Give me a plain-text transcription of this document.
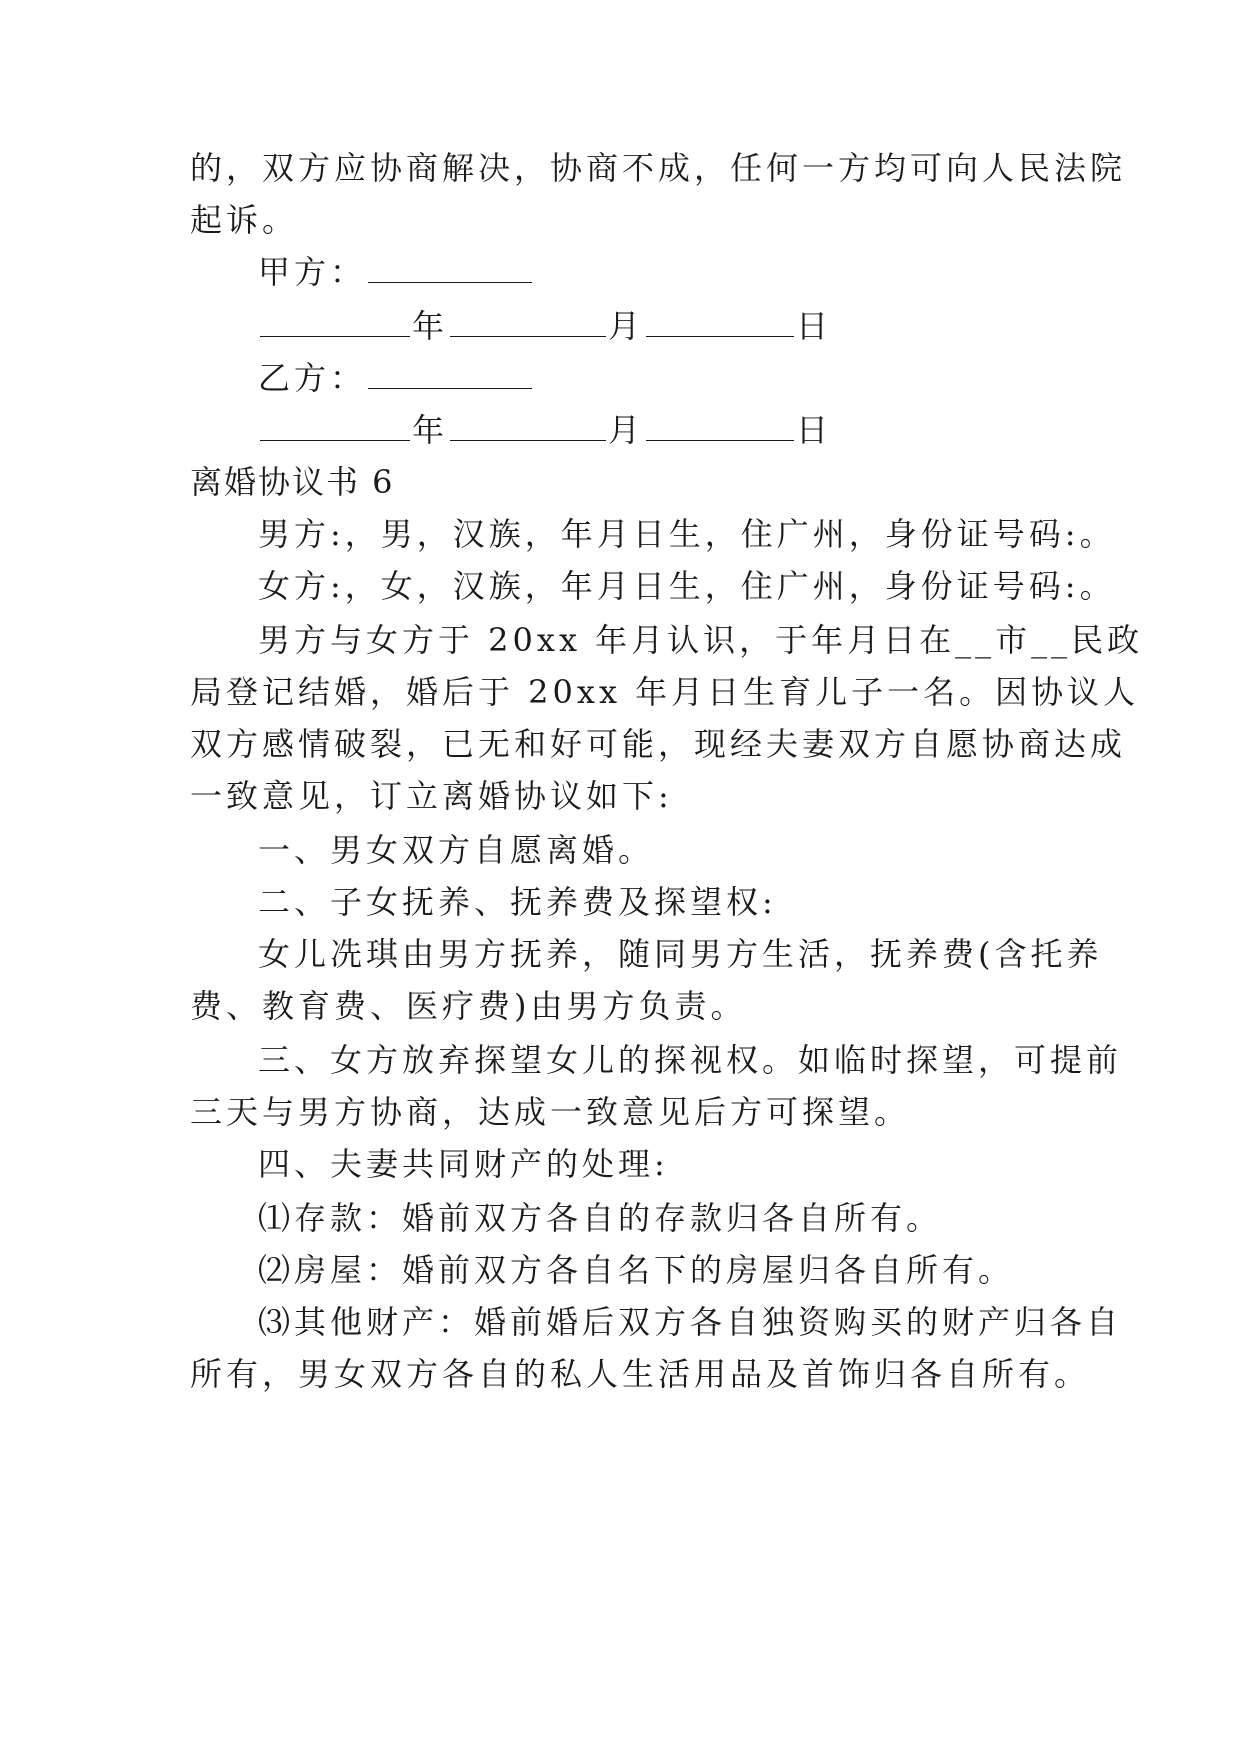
的，双方应协商解决，协商不成，任何一方均可向人民法院
起诉。
甲方：
年	月	日
乙方：
年	月	日
离婚协议书 6
男方:，男，汉族，年月日生，住广州，身份证号码:。
女方:，女，汉族，年月日生，住广州，身份证号码:。
男方与女方于 20xx 年月认识，于年月日在__市__民政
局登记结婚，婚后于 20xx 年月日生育儿子一名。因协议人
双方感情破裂，已无和好可能，现经夫妻双方自愿协商达成
一致意见，订立离婚协议如下:
一、男女双方自愿离婚。
二、子女抚养、抚养费及探望权:
女儿冼琪由男方抚养，随同男方生活，抚养费(含托养
费、教育费、医疗费)由男方负责。
三、女方放弃探望女儿的探视权。如临时探望，可提前
三天与男方协商，达成一致意见后方可探望。
四、夫妻共同财产的处理:
⑴存款：婚前双方各自的存款归各自所有。
⑵房屋：婚前双方各自名下的房屋归各自所有。
⑶其他财产：婚前婚后双方各自独资购买的财产归各自
所有，男女双方各自的私人生活用品及首饰归各自所有。
